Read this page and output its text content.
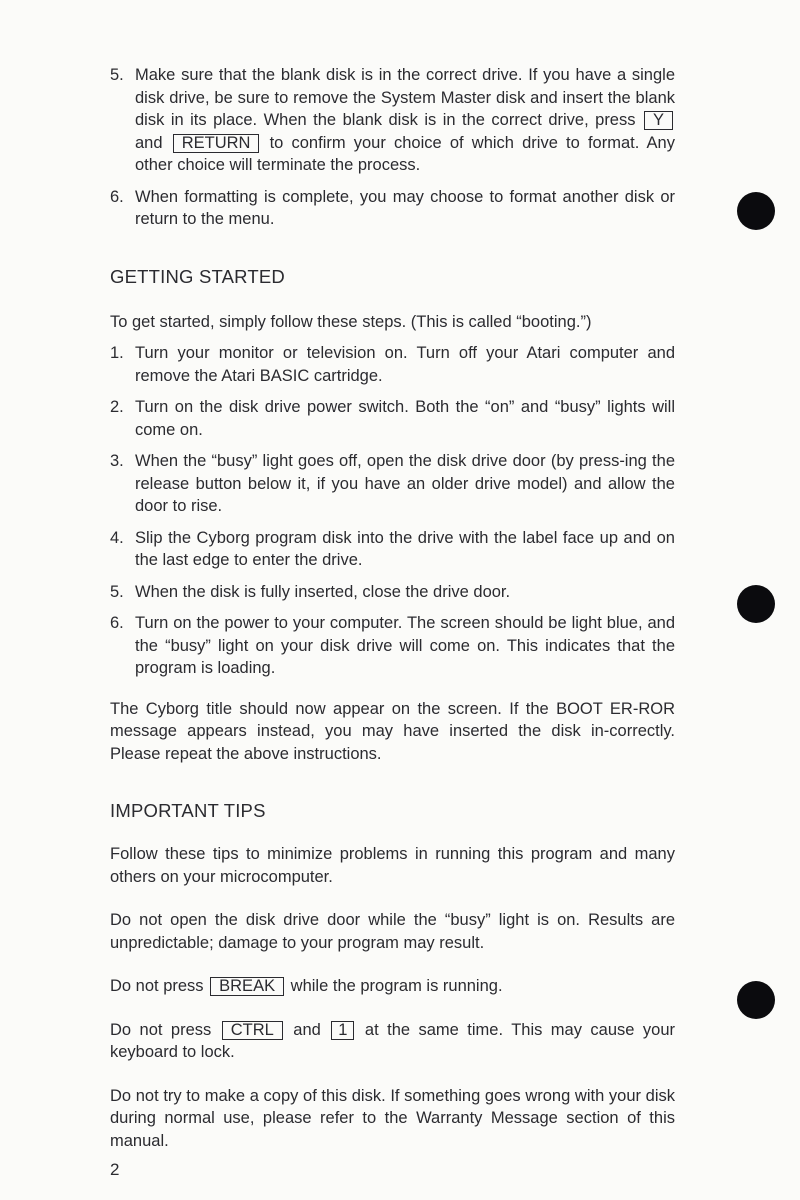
5. Make sure that the blank disk is in the correct drive. If you have a single disk drive, be sure to remove the System Master disk and insert the blank disk in its place. When the blank disk is in the correct drive, press Y and RETURN to confirm your choice of which drive to format. Any other choice will terminate the process.
6. When formatting is complete, you may choose to format another disk or return to the menu.
GETTING STARTED

To get started, simply follow these steps. (This is called “booting.”)

1. Turn your monitor or television on. Turn off your Atari computer and remove the Atari BASIC cartridge.
2. Turn on the disk drive power switch. Both the “on” and “busy” lights will come on.
3. When the “busy” light goes off, open the disk drive door (by press-ing the release button below it, if you have an older drive model) and allow the door to rise.
4. Slip the Cyborg program disk into the drive with the label face up and on the last edge to enter the drive.
5. When the disk is fully inserted, close the drive door.
6. Turn on the power to your computer. The screen should be light blue, and the “busy” light on your disk drive will come on. This indicates that the program is loading.

The Cyborg title should now appear on the screen. If the BOOT ER-ROR message appears instead, you may have inserted the disk in-correctly. Please repeat the above instructions.

IMPORTANT TIPS

Follow these tips to minimize problems in running this program and many others on your microcomputer.

Do not open the disk drive door while the “busy” light is on. Results are unpredictable; damage to your program may result.

Do not press BREAK while the program is running.

Do not press CTRL and 1 at the same time. This may cause your keyboard to lock.

Do not try to make a copy of this disk. If something goes wrong with your disk during normal use, please refer to the Warranty Message section of this manual.

2
